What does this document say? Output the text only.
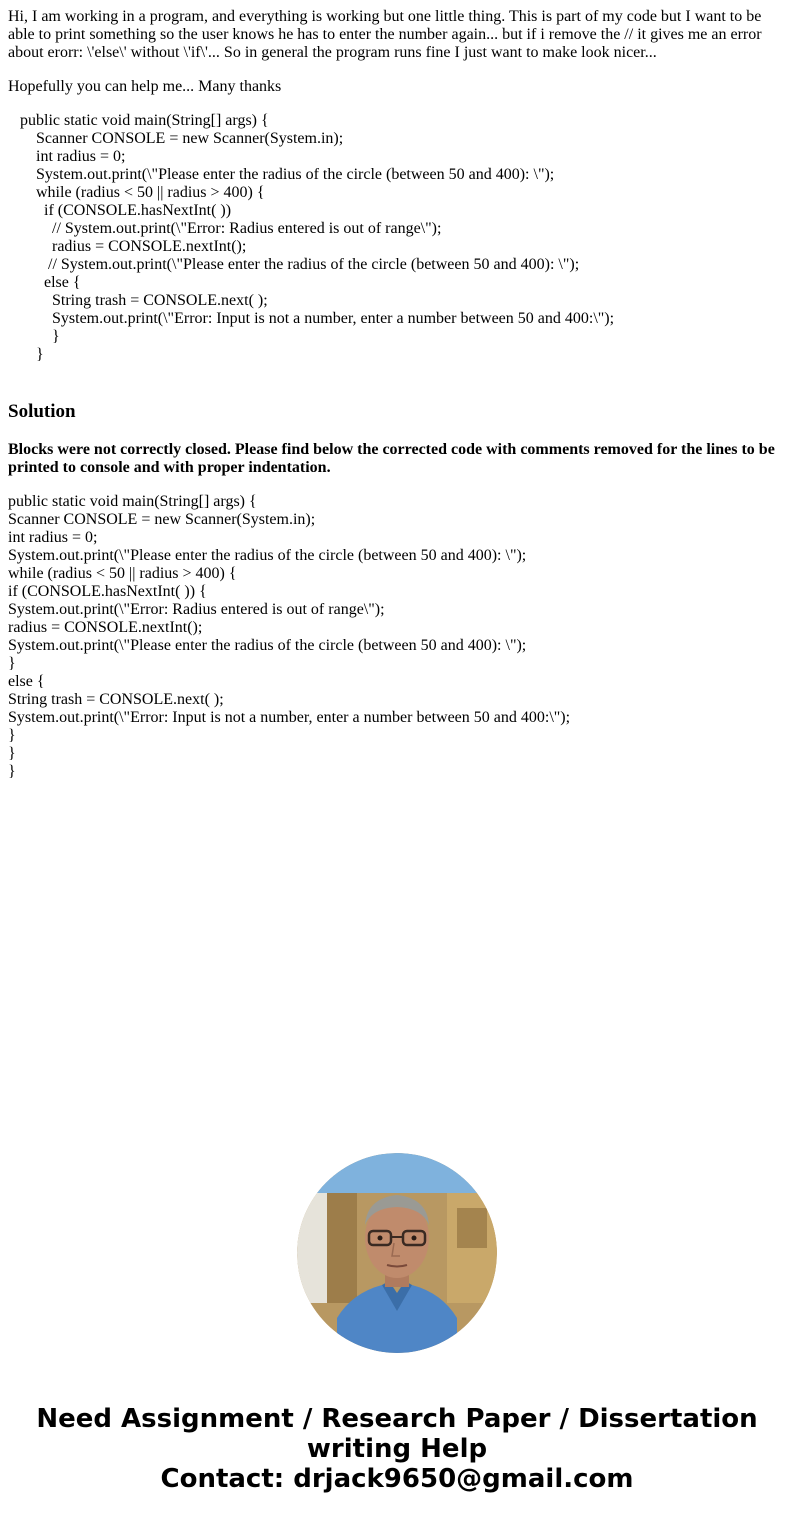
Hi, I am working in a program, and everything is working but one little thing. This is part of my code but I want to be able to print something so the user knows he has to enter the number again... but if i remove the // it gives me an error about erorr: \'else\' without \'if\'... So in general the program runs fine I just want to make look nicer...

Hopefully you can help me... Many thanks

public static void main(String[] args) {
Scanner CONSOLE = new Scanner(System.in);
int radius = 0;
System.out.print(\"Please enter the radius of the circle (between 50 and 400): \");
while (radius < 50 || radius > 400) {
if (CONSOLE.hasNextInt( ))
// System.out.print(\"Error: Radius entered is out of range\");
radius = CONSOLE.nextInt();
// System.out.print(\"Please enter the radius of the circle (between 50 and 400): \");
else {
String trash = CONSOLE.next( );
System.out.print(\"Error: Input is not a number, enter a number between 50 and 400:\");
}
}
Solution

Blocks were not correctly closed. Please find below the corrected code with comments removed for the lines to be printed to console and with proper indentation.

public static void main(String[] args) {
Scanner CONSOLE = new Scanner(System.in);
int radius = 0;
System.out.print(\"Please enter the radius of the circle (between 50 and 400): \");
while (radius < 50 || radius > 400) {
if (CONSOLE.hasNextInt( )) {
System.out.print(\"Error: Radius entered is out of range\");
radius = CONSOLE.nextInt();
System.out.print(\"Please enter the radius of the circle (between 50 and 400): \");
}
else {
String trash = CONSOLE.next( );
System.out.print(\"Error: Input is not a number, enter a number between 50 and 400:\");
}
}
}
Need Assignment / Research Paper / Dissertation
writing Help
Contact: drjack9650@gmail.com
